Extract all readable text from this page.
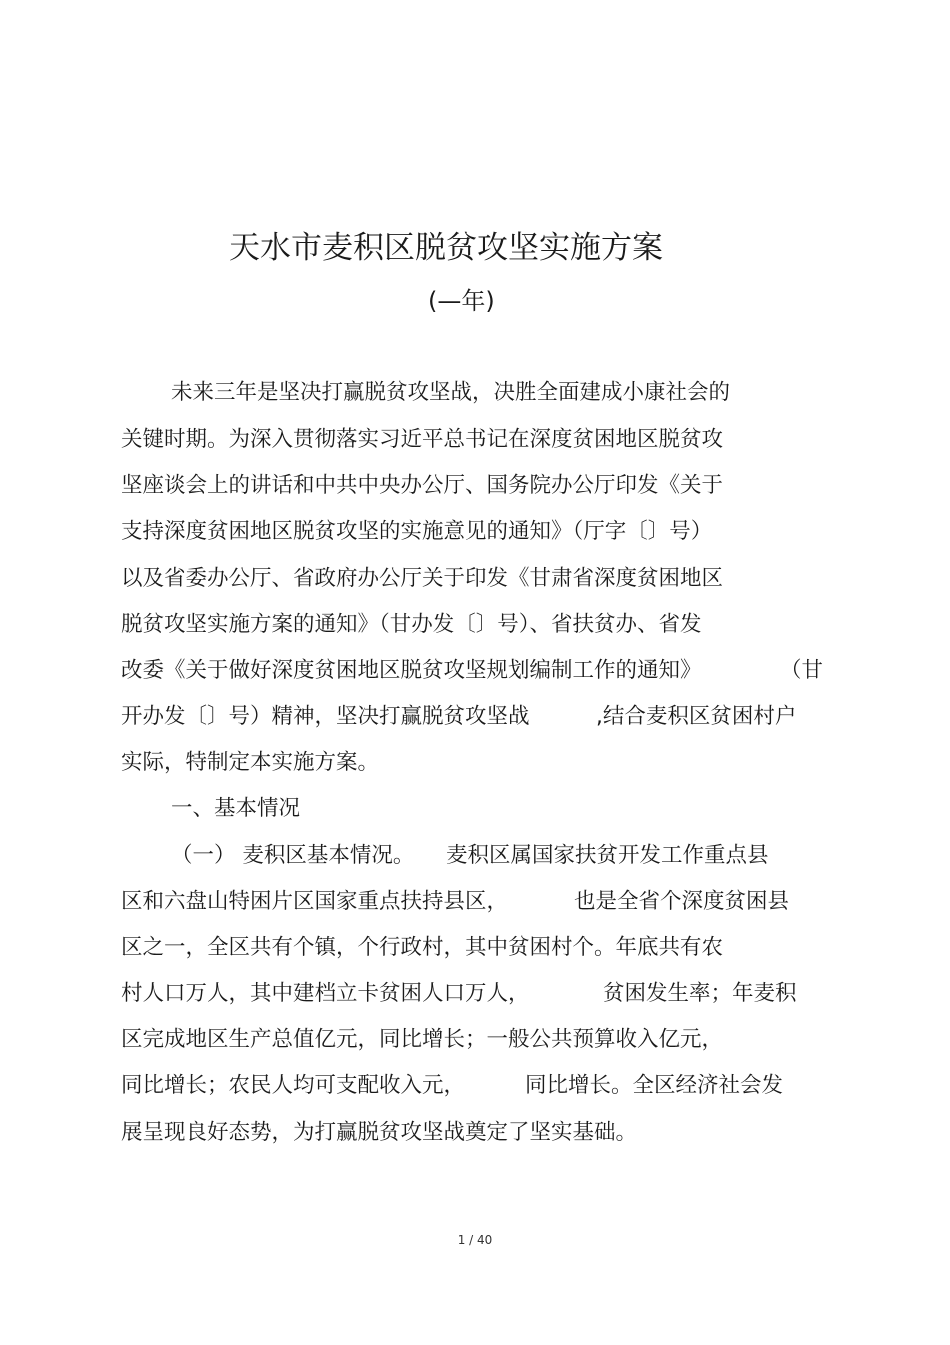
天水市麦积区脱贫攻坚实施方案
(—年)
未来三年是坚决打赢脱贫攻坚战，决胜全面建成小康社会的
关键时期。为深入贯彻落实习近平总书记在深度贫困地区脱贫攻
坚座谈会上的讲话和中共中央办公厅、国务院办公厅印发《关于
支持深度贫困地区脱贫攻坚的实施意见的通知》（厅字〔〕号）
以及省委办公厅、省政府办公厅关于印发《甘肃省深度贫困地区
脱贫攻坚实施方案的通知》（甘办发〔〕号）、省扶贫办、省发
改委《关于做好深度贫困地区脱贫攻坚规划编制工作的通知》	（甘
开办发〔〕号）精神，坚决打赢脱贫攻坚战	,结合麦积区贫困村户
实际，特制定本实施方案。
一、基本情况
（一） 麦积区基本情况。 麦积区属国家扶贫开发工作重点县
区和六盘山特困片区国家重点扶持县区，	也是全省个深度贫困县
区之一，全区共有个镇，个行政村，其中贫困村个。年底共有农
村人口万人，其中建档立卡贫困人口万人，	贫困发生率；年麦积
区完成地区生产总值亿元，同比增长；一般公共预算收入亿元，
同比增长；农民人均可支配收入元，	同比增长。全区经济社会发
展呈现良好态势，为打赢脱贫攻坚战奠定了坚实基础。
1 / 40
